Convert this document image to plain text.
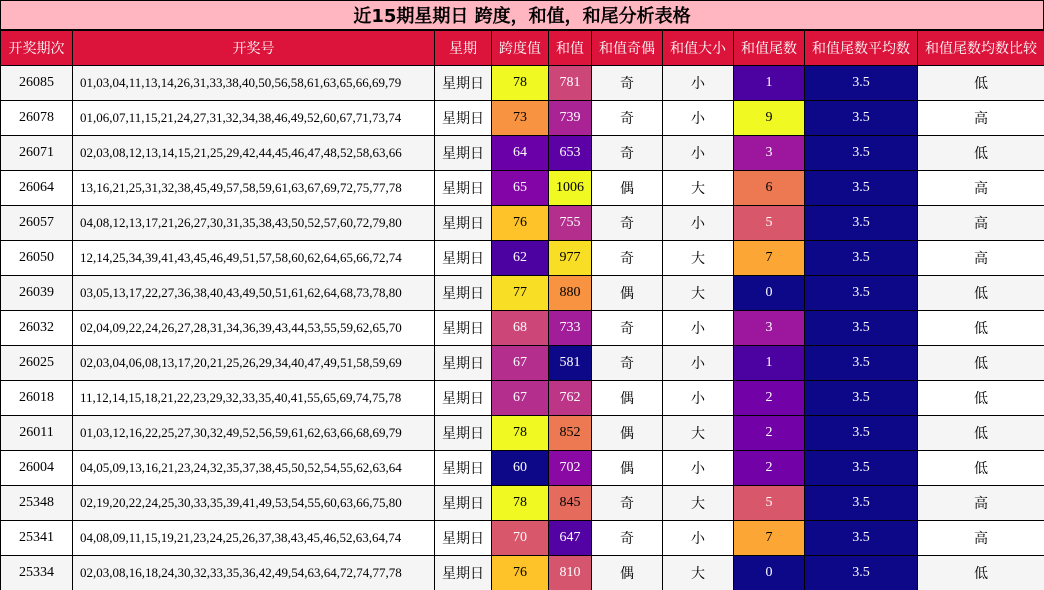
近15期星期日 跨度，和值，和尾分析表格
开奖期次	开奖号	星期	跨度值	和值	和值奇偶	和值大小	和值尾数	和值尾数平均数	和值尾数均数比较
26085	01,03,04,11,13,14,26,31,33,38,40,50,56,58,61,63,65,66,69,79	星期日	78	781	奇	小	1	3.5	低
26078	01,06,07,11,15,21,24,27,31,32,34,38,46,49,52,60,67,71,73,74	星期日	73	739	奇	小	9	3.5	高
26071	02,03,08,12,13,14,15,21,25,29,42,44,45,46,47,48,52,58,63,66	星期日	64	653	奇	小	3	3.5	低
26064	13,16,21,25,31,32,38,45,49,57,58,59,61,63,67,69,72,75,77,78	星期日	65	1006	偶	大	6	3.5	高
26057	04,08,12,13,17,21,26,27,30,31,35,38,43,50,52,57,60,72,79,80	星期日	76	755	奇	小	5	3.5	高
26050	12,14,25,34,39,41,43,45,46,49,51,57,58,60,62,64,65,66,72,74	星期日	62	977	奇	大	7	3.5	高
26039	03,05,13,17,22,27,36,38,40,43,49,50,51,61,62,64,68,73,78,80	星期日	77	880	偶	大	0	3.5	低
26032	02,04,09,22,24,26,27,28,31,34,36,39,43,44,53,55,59,62,65,70	星期日	68	733	奇	小	3	3.5	低
26025	02,03,04,06,08,13,17,20,21,25,26,29,34,40,47,49,51,58,59,69	星期日	67	581	奇	小	1	3.5	低
26018	11,12,14,15,18,21,22,23,29,32,33,35,40,41,55,65,69,74,75,78	星期日	67	762	偶	小	2	3.5	低
26011	01,03,12,16,22,25,27,30,32,49,52,56,59,61,62,63,66,68,69,79	星期日	78	852	偶	大	2	3.5	低
26004	04,05,09,13,16,21,23,24,32,35,37,38,45,50,52,54,55,62,63,64	星期日	60	702	偶	小	2	3.5	低
25348	02,19,20,22,24,25,30,33,35,39,41,49,53,54,55,60,63,66,75,80	星期日	78	845	奇	大	5	3.5	高
25341	04,08,09,11,15,19,21,23,24,25,26,37,38,43,45,46,52,63,64,74	星期日	70	647	奇	小	7	3.5	高
25334	02,03,08,16,18,24,30,32,33,35,36,42,49,54,63,64,72,74,77,78	星期日	76	810	偶	大	0	3.5	低
